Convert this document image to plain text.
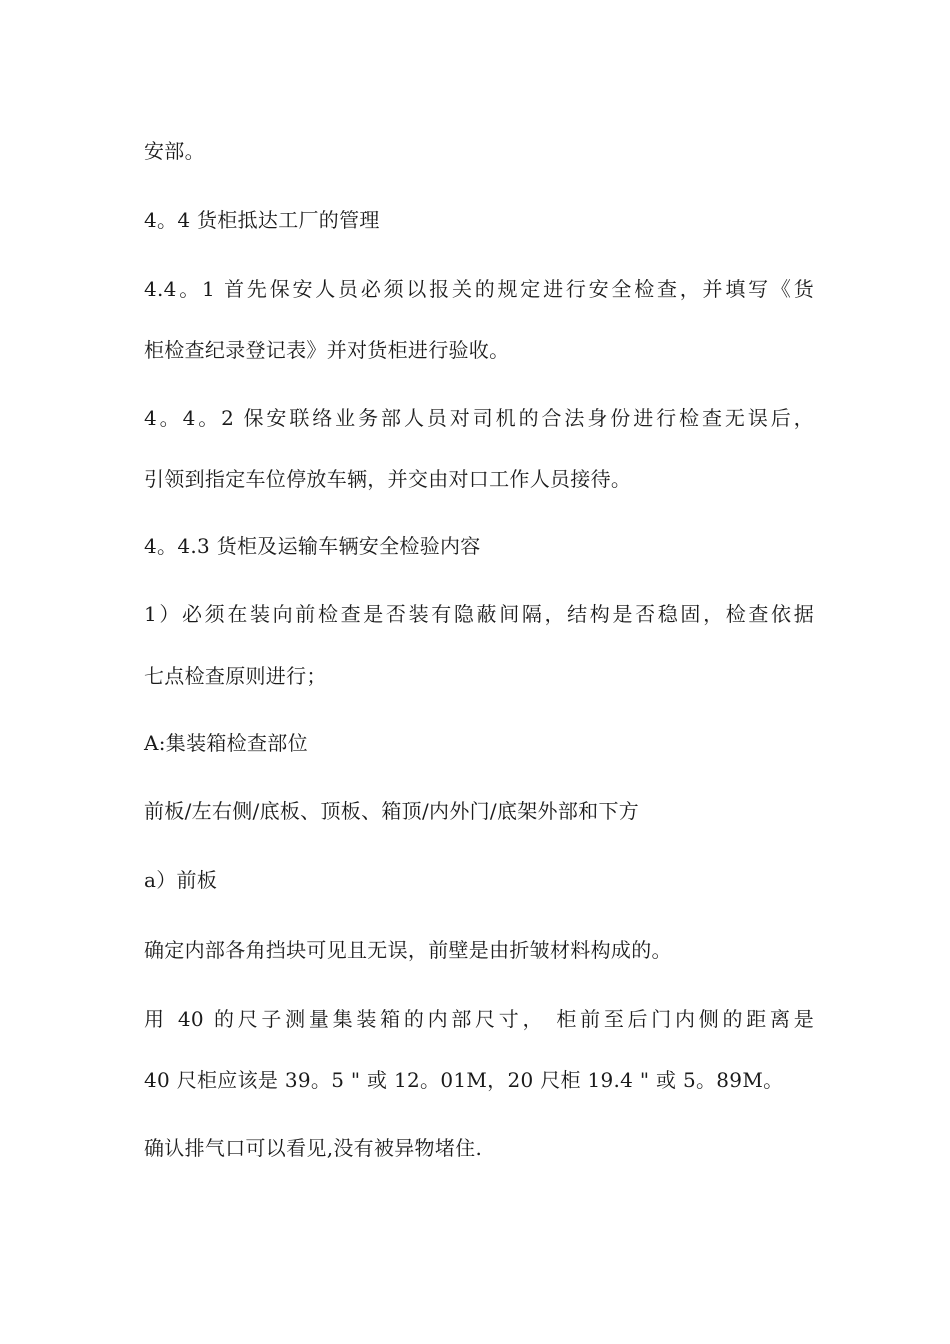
安部。
4。4 货柜抵达工厂的管理
4.4。1 首先保安人员必须以报关的规定进行安全检查，并填写《货
柜检查纪录登记表》并对货柜进行验收。
4。4。2 保安联络业务部人员对司机的合法身份进行检查无误后，
引领到指定车位停放车辆，并交由对口工作人员接待。
4。4.3 货柜及运输车辆安全检验内容
1）必须在装向前检查是否装有隐蔽间隔，结构是否稳固，检查依据
七点检查原则进行；
A:集装箱检查部位
前板/左右侧/底板、顶板、箱顶/内外门/底架外部和下方
a）前板
确定内部各角挡块可见且无误，前壁是由折皱材料构成的。
用 40 的尺子测量集装箱的内部尺寸， 柜前至后门内侧的距离是
40 尺柜应该是 39。5 " 或 12。01M，20 尺柜 19.4 " 或 5。89M。
确认排气口可以看见,没有被异物堵住.
